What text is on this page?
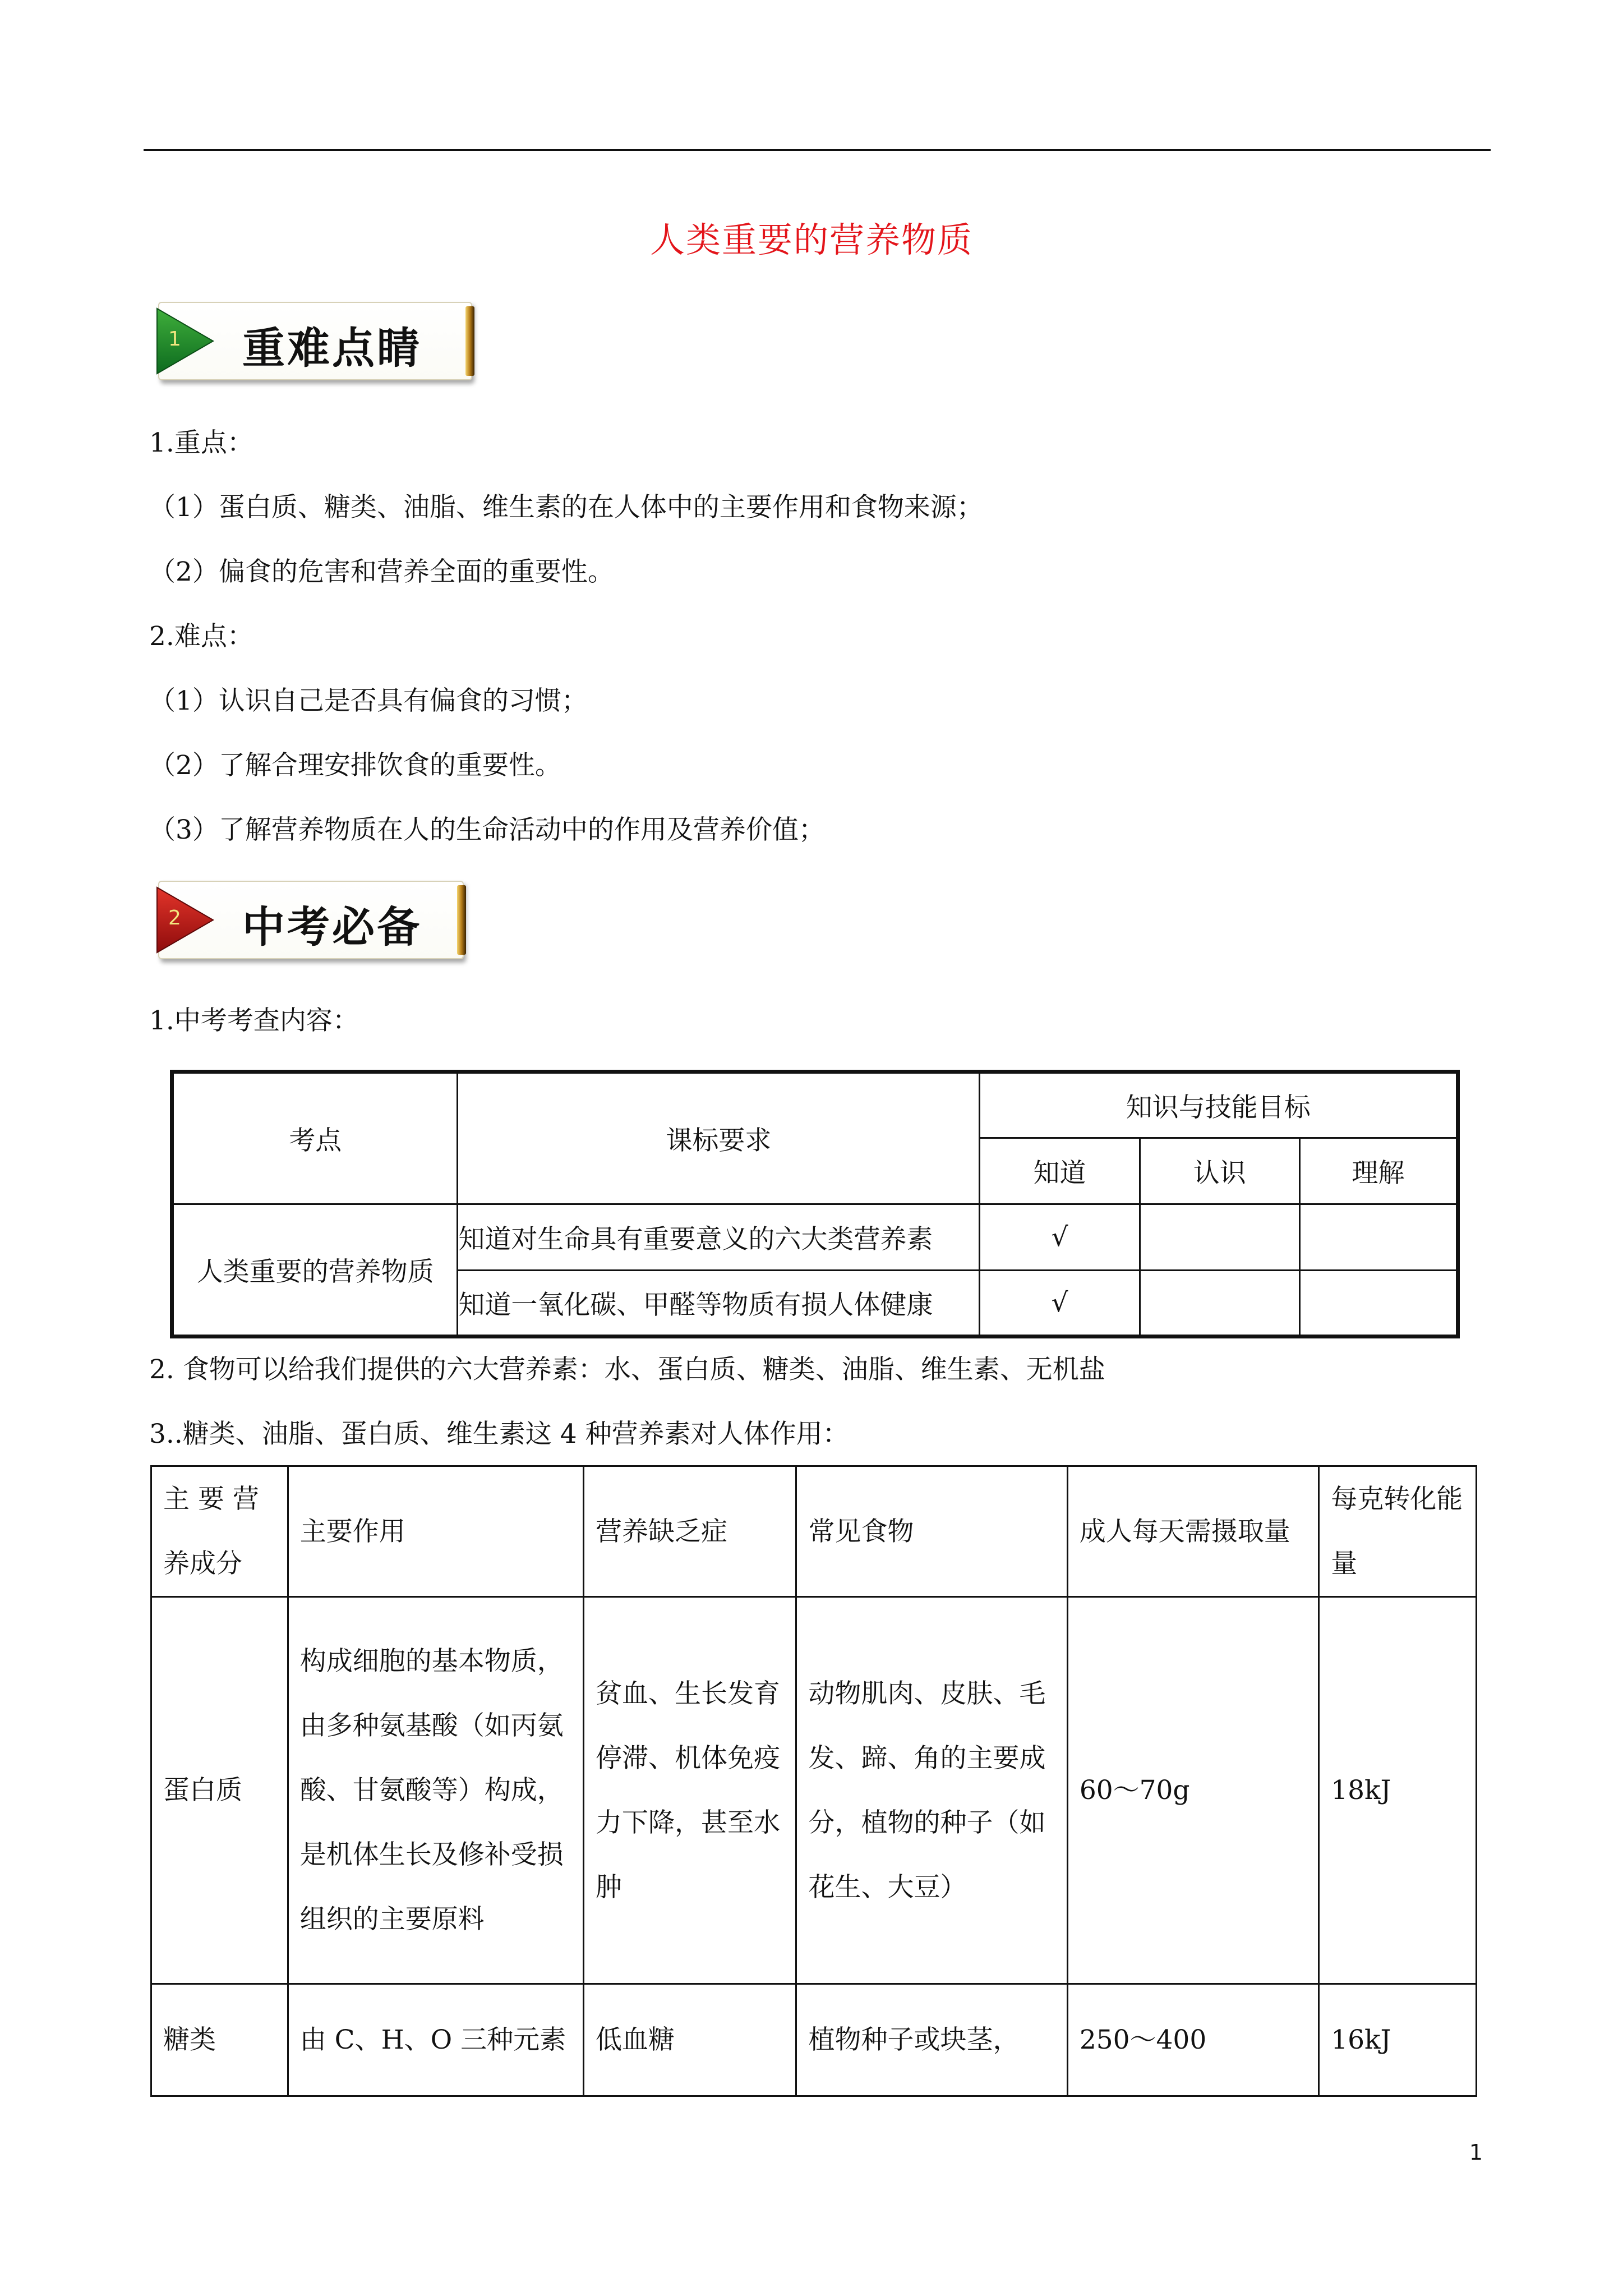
人类重要的营养物质
1 重难点睛
1.重点：
（1）蛋白质、糖类、油脂、维生素的在人体中的主要作用和食物来源；
（2）偏食的危害和营养全面的重要性。
2.难点：
（1）认识自己是否具有偏食的习惯；
（2）了解合理安排饮食的重要性。
（3）了解营养物质在人的生命活动中的作用及营养价值；
2 中考必备
1.中考考查内容：
考点	课标要求	知识与技能目标		
		知道	认识	理解
人类重要的营养物质	知道对生命具有重要意义的六大类营养素	√		
	知道一氧化碳、甲醛等物质有损人体健康	√		
2. 食物可以给我们提供的六大营养素：水、蛋白质、糖类、油脂、维生素、无机盐
3..糖类、油脂、蛋白质、维生素这 4 种营养素对人体作用：
主 要 营养成分	主要作用	营养缺乏症	常见食物	成人每天需摄取量	每克转化能量
蛋白质	构成细胞的基本物质，由多种氨基酸（如丙氨酸、甘氨酸等）构成，是机体生长及修补受损组织的主要原料	贫血、生长发育停滞、机体免疫力下降，甚至水肿	动物肌肉、皮肤、毛发、蹄、角的主要成分，植物的种子（如花生、大豆）	60～70g	18kJ
糖类	由 C、H、O 三种元素	低血糖	植物种子或块茎，	250～400	16kJ
1
